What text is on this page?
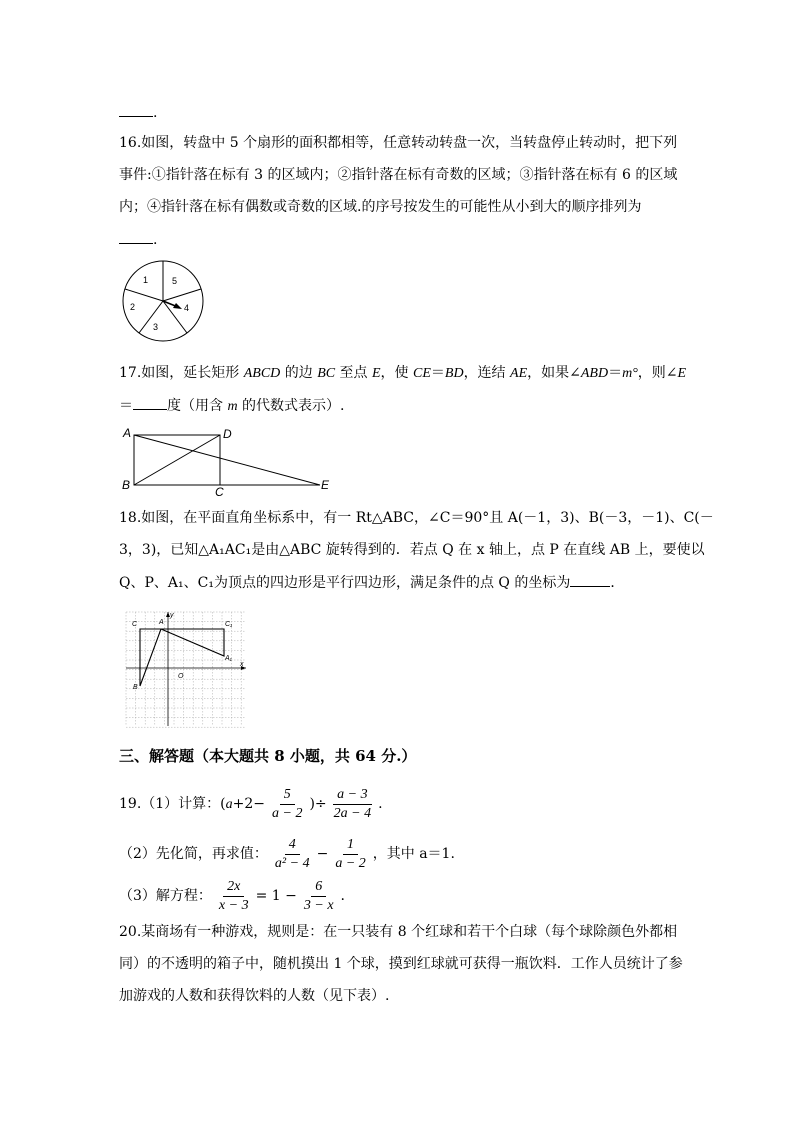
.
16.如图，转盘中 5 个扇形的面积都相等，任意转动转盘一次，当转盘停止转动时，把下列
事件:①指针落在标有 3 的区域内；②指针落在标有奇数的区域；③指针落在标有 6 的区域
内；④指针落在标有偶数或奇数的区域.的序号按发生的可能性从小到大的顺序排列为
.
1	5
2
3
4
17.如图，延长矩形 ABCD 的边 BC 至点 E，使 CE＝BD，连结 AE，如果∠ABD＝m°，则∠E
＝ 度（用含 m 的代数式表示）.
A	D
B	C	E
18.如图，在平面直角坐标系中，有一 Rt△ABC，∠C＝90°且 A(－1，3)、B(－3，－1)、C(－
3，3)，已知△A₁AC₁是由△ABC 旋转得到的．若点 Q 在 x 轴上，点 P 在直线 AB 上，要使以
Q、P、A₁、C₁为顶点的四边形是平行四边形，满足条件的点 Q 的坐标为	．
C	A	C₁
A₁
B
O
x
y
三、解答题（本大题共 8 小题，共 64 分.）
19.（1）计算：($a+2- \frac{5}{a - 2}$ )÷ $\frac{a - 3}{2a - 4}$ .
（2）先化简，再求值： $\frac{4}{\text{a² − 4}} - \frac{1}{a - 2}$ ，其中 a＝1.
（3）解方程： $\frac{2x}{x - 3} = 1 - \frac{6}{3 - x}$ .
20.某商场有一种游戏，规则是：在一只装有 8 个红球和若干个白球（每个球除颜色外都相
同）的不透明的箱子中，随机摸出 1 个球，摸到红球就可获得一瓶饮料．工作人员统计了参
加游戏的人数和获得饮料的人数（见下表）.
